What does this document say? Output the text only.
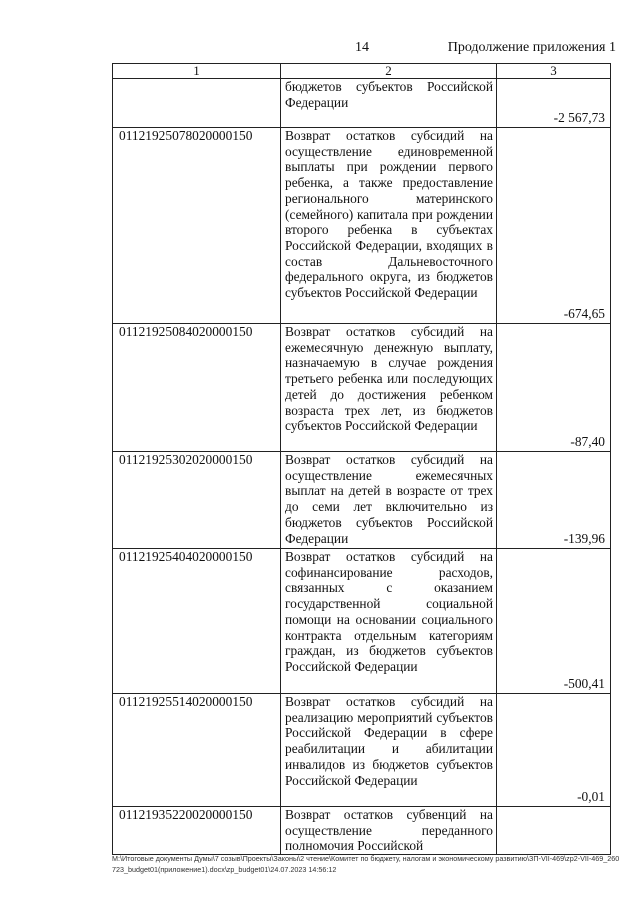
14	Продолжение приложения 1
1	2	3

	бюджетов субъектов Российской Федерации	-2 567,73
01121925078020000150	Возврат остатков субсидий на осуществление единовременной выплаты при рождении первого ребенка, а также предоставление регионального материнского (семейного) капитала при рождении второго ребенка в субъектах Российской Федерации, входящих в состав Дальневосточного федерального округа, из бюджетов субъектов Российской Федерации	-674,65
01121925084020000150	Возврат остатков субсидий на ежемесячную денежную выплату, назначаемую в случае рождения третьего ребенка или последующих детей до достижения ребенком возраста трех лет, из бюджетов субъектов Российской Федерации	-87,40
01121925302020000150	Возврат остатков субсидий на осуществление ежемесячных выплат на детей в возрасте от трех до семи лет включительно из бюджетов субъектов Российской Федерации	-139,96
01121925404020000150	Возврат остатков субсидий на софинансирование расходов, связанных с оказанием государственной социальной помощи на основании социального контракта отдельным категориям граждан, из бюджетов субъектов Российской Федерации	-500,41
01121925514020000150	Возврат остатков субсидий на реализацию мероприятий субъектов Российской Федерации в сфере реабилитации и абилитации инвалидов из бюджетов субъектов Российской Федерации	-0,01
01121935220020000150	Возврат остатков субвенций на осуществление переданного полномочия Российской	

М:\Итоговые документы Думы\7 созыв\Проекты\Законы\2 чтение\Комитет по бюджету, налогам и экономическому развитию\ЗП-VII-469\zp2-VII-469_260723_budget01(приложение1).docx\zp_budget01\24.07.2023 14:56:12
